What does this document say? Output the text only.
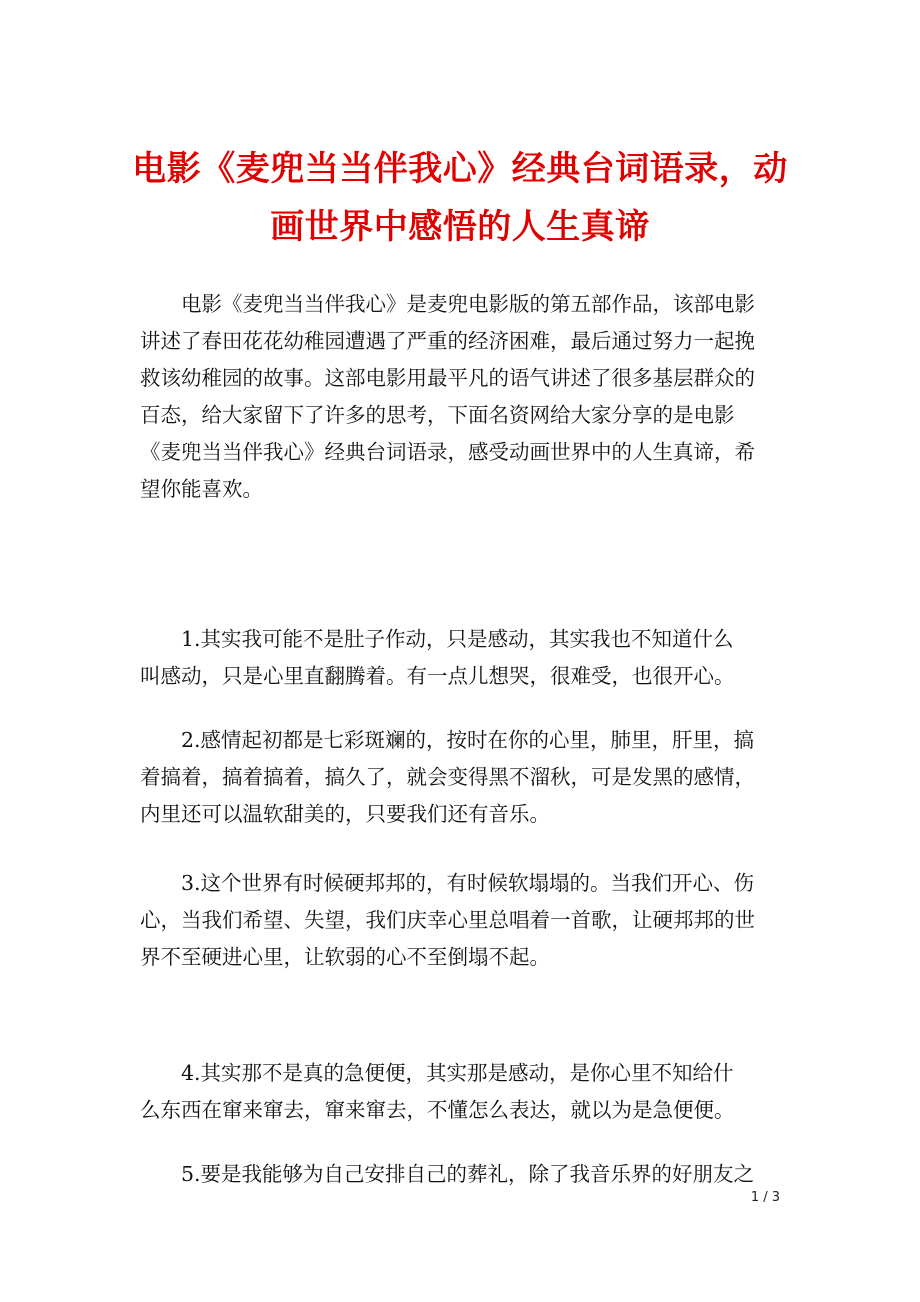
电影《麦兜当当伴我心》经典台词语录，动 画世界中感悟的人生真谛

　　电影《麦兜当当伴我心》是麦兜电影版的第五部作品，该部电影
讲述了春田花花幼稚园遭遇了严重的经济困难，最后通过努力一起挽
救该幼稚园的故事。这部电影用最平凡的语气讲述了很多基层群众的
百态，给大家留下了许多的思考，下面名资网给大家分享的是电影
《麦兜当当伴我心》经典台词语录，感受动画世界中的人生真谛，希
望你能喜欢。

　　1.其实我可能不是肚子作动，只是感动，其实我也不知道什么
叫感动，只是心里直翻腾着。有一点儿想哭，很难受，也很开心。

　　2.感情起初都是七彩斑斓的，按时在你的心里，肺里，肝里，搞
着搞着，搞着搞着，搞久了，就会变得黑不溜秋，可是发黑的感情，
内里还可以温软甜美的，只要我们还有音乐。

　　3.这个世界有时候硬邦邦的，有时候软塌塌的。当我们开心、伤
心，当我们希望、失望，我们庆幸心里总唱着一首歌，让硬邦邦的世
界不至硬进心里，让软弱的心不至倒塌不起。

　　4.其实那不是真的急便便，其实那是感动，是你心里不知给什
么东西在窜来窜去，窜来窜去，不懂怎么表达，就以为是急便便。

　　5.要是我能够为自己安排自己的葬礼，除了我音乐界的好朋友之

1 / 3
